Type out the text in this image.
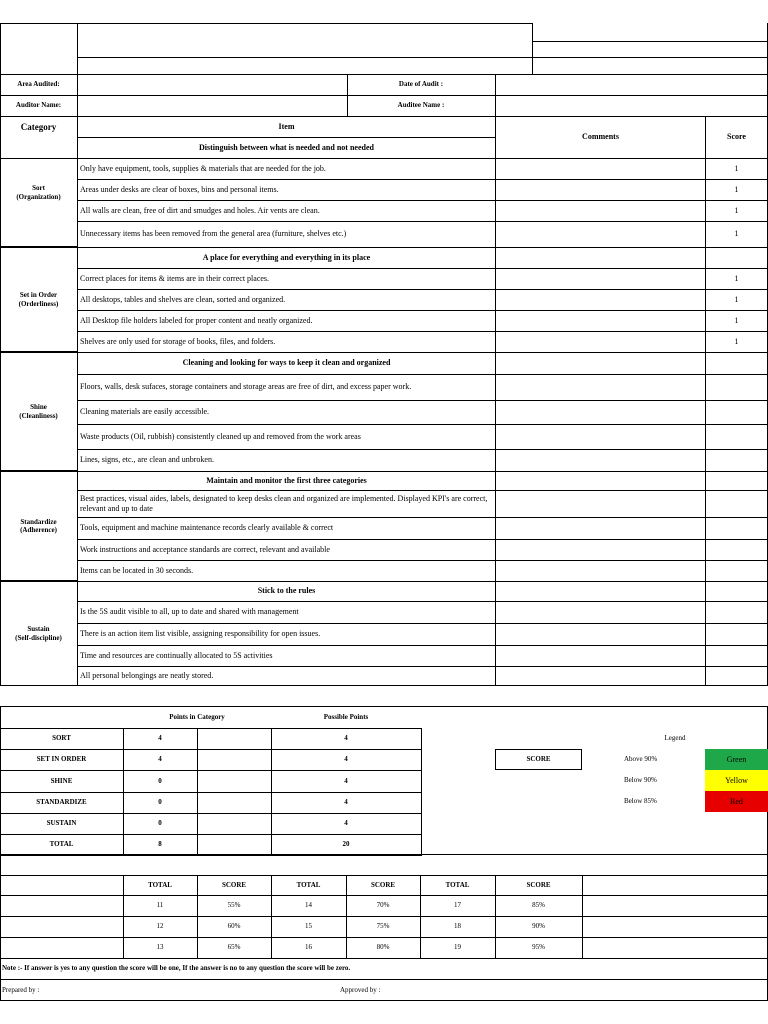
Area Audited:	Date of Audit :
Auditor Name:	Auditee Name :
Category	Item
Comments	Score
Sort
(Organization)
Distinguish between what is needed and not needed
Only have equipment, tools, supplies & materials that are needed for the job.	1
Areas under desks are clear of boxes, bins and personal items.	1
All walls are clean, free of dirt and smudges and holes. Air vents are clean.	1
Unnecessary items has been removed from the general area (furniture, shelves etc.)	1
Set in Order
(Orderliness)
A place for everything and everything in its place
Correct places for items & items are in their correct places.	1
All desktops, tables and shelves are clean, sorted and organized.	1
All Desktop file holders labeled for proper content and neatly organized.	1
Shelves are only used for storage of books, files, and folders.	1
Shine
(Cleanliness)
Cleaning and looking for ways to keep it clean and organized
Floors, walls, desk sufaces, storage containers and storage areas are free of dirt, and excess paper work.
Cleaning materials are easily accessible.
Waste products (Oil, rubbish) consistently cleaned up and removed from the work areas
Lines, signs, etc., are clean and unbroken.
Standardize
(Adherence)
Maintain and monitor the first three categories
Best practices, visual aides, labels, designated to keep desks clean and organized are implemented. Displayed KPI's are correct, relevant and up to date
Tools, equipment and machine maintenance records clearly available & correct
Work instructions and acceptance standards are correct, relevant and available
Items can be located in 30 seconds.
Sustain
(Self-discipline)
Stick to the rules
Is the 5S audit visible to all, up to date and shared with management
There is an action item list visible, assigning responsibility for open issues.
Time and resources are continually allocated to 5S activities
All personal belongings are neatly stored.
Points in Category	Possible Points
SORT	4	4
SET IN ORDER	4	4
SHINE	0	4
STANDARDIZE	0	4
SUSTAIN	0	4
TOTAL	8	20
SCORE
Legend
Above 90%	Green
Below 90%	Yellow
Below 85%	Red
TOTAL	SCORE	TOTAL	SCORE	TOTAL	SCORE
11	55%	14	70%	17	85%
12	60%	15	75%	18	90%
13	65%	16	80%	19	95%
Note :- If answer is yes to any question the score will be one, If the answer is no to any question the score will be zero.
Prepared by :	Approved by :
